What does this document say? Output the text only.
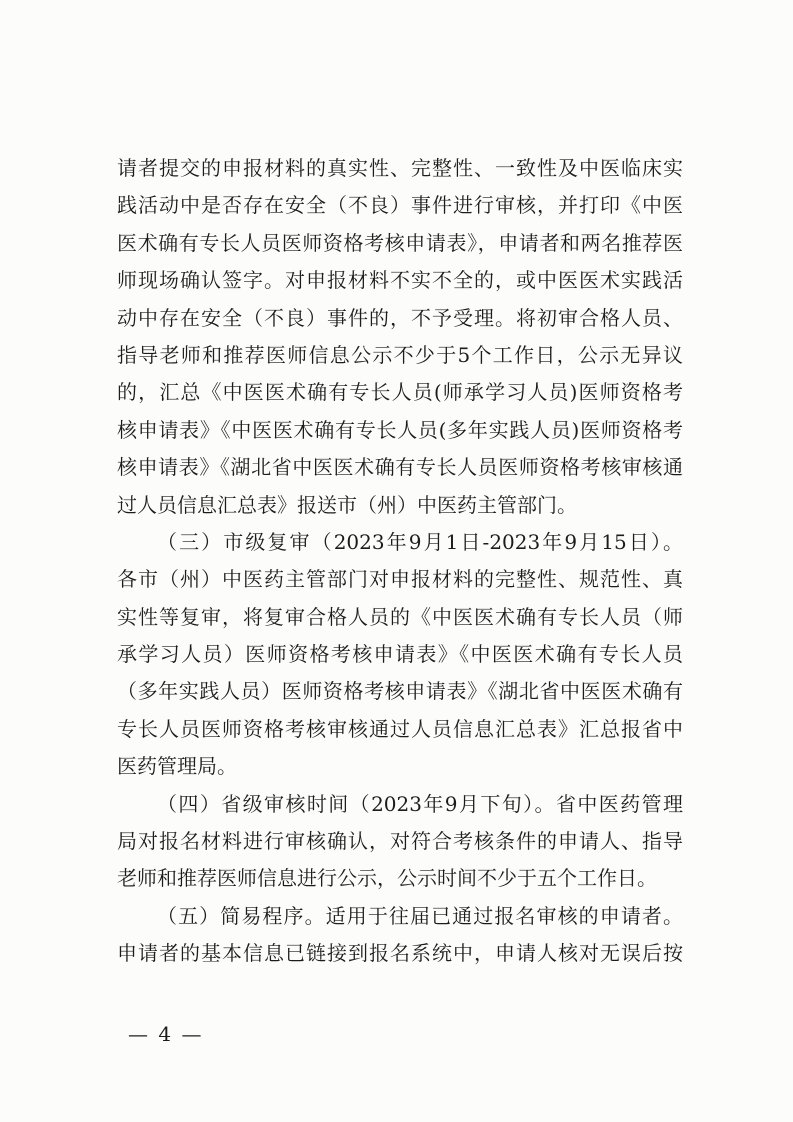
请者提交的申报材料的真实性、完整性、一致性及中医临床实
践活动中是否存在安全（不良）事件进行审核，并打印《中医
医术确有专长人员医师资格考核申请表》，申请者和两名推荐医
师现场确认签字。对申报材料不实不全的，或中医医术实践活
动中存在安全（不良）事件的，不予受理。将初审合格人员、
指导老师和推荐医师信息公示不少于5个工作日，公示无异议
的，汇总《中医医术确有专长人员(师承学习人员)医师资格考
核申请表》《中医医术确有专长人员(多年实践人员)医师资格考
核申请表》《湖北省中医医术确有专长人员医师资格考核审核通
过人员信息汇总表》报送市（州）中医药主管部门。
（三）市级复审（2023年9月1日-2023年9月15日）。
各市（州）中医药主管部门对申报材料的完整性、规范性、真
实性等复审，将复审合格人员的《中医医术确有专长人员（师
承学习人员）医师资格考核申请表》《中医医术确有专长人员
（多年实践人员）医师资格考核申请表》《湖北省中医医术确有
专长人员医师资格考核审核通过人员信息汇总表》汇总报省中
医药管理局。
（四）省级审核时间（2023年9月下旬）。省中医药管理
局对报名材料进行审核确认，对符合考核条件的申请人、指导
老师和推荐医师信息进行公示，公示时间不少于五个工作日。
（五）简易程序。适用于往届已通过报名审核的申请者。
申请者的基本信息已链接到报名系统中，申请人核对无误后按
— 4 —
